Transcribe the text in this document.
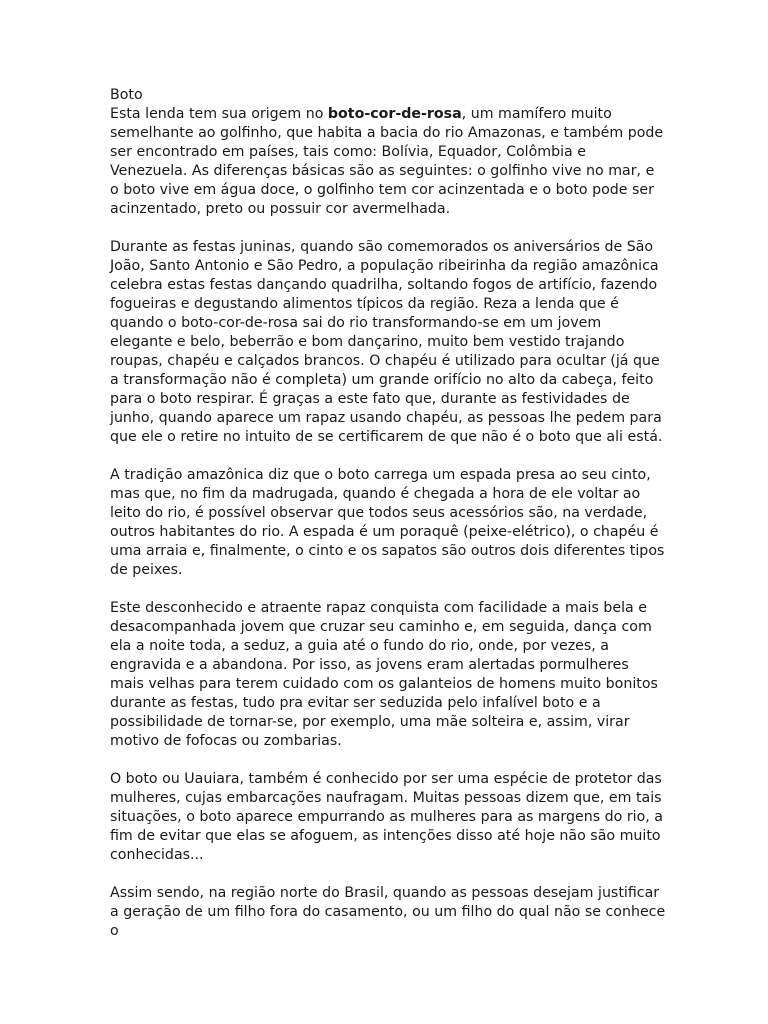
Boto

Esta lenda tem sua origem no boto-cor-de-rosa, um mamífero muito semelhante ao golfinho, que habita a bacia do rio Amazonas, e também pode ser encontrado em países, tais como: Bolívia, Equador, Colômbia e Venezuela. As diferenças básicas são as seguintes: o golfinho vive no mar, e o boto vive em água doce, o golfinho tem cor acinzentada e o boto pode ser acinzentado, preto ou possuir cor avermelhada.

Durante as festas juninas, quando são comemorados os aniversários de São João, Santo Antonio e São Pedro, a população ribeirinha da região amazônica celebra estas festas dançando quadrilha, soltando fogos de artifício, fazendo fogueiras e degustando alimentos típicos da região. Reza a lenda que é quando o boto-cor-de-rosa sai do rio transformando-se em um jovem elegante e belo, beberrão e bom dançarino, muito bem vestido trajando roupas, chapéu e calçados brancos. O chapéu é utilizado para ocultar (já que a transformação não é completa) um grande orifício no alto da cabeça, feito para o boto respirar. É graças a este fato que, durante as festividades de junho, quando aparece um rapaz usando chapéu, as pessoas lhe pedem para que ele o retire no intuito de se certificarem de que não é o boto que ali está.

A tradição amazônica diz que o boto carrega um espada presa ao seu cinto, mas que, no fim da madrugada, quando é chegada a hora de ele voltar ao leito do rio, é possível observar que todos seus acessórios são, na verdade, outros habitantes do rio. A espada é um poraquê (peixe-elétrico), o chapéu é uma arraia e, finalmente, o cinto e os sapatos são outros dois diferentes tipos de peixes.

Este desconhecido e atraente rapaz conquista com facilidade a mais bela e desacompanhada jovem que cruzar seu caminho e, em seguida, dança com ela a noite toda, a seduz, a guia até o fundo do rio, onde, por vezes, a engravida e a abandona. Por isso, as jovens eram alertadas pormulheres mais velhas para terem cuidado com os galanteios de homens muito bonitos durante as festas, tudo pra evitar ser seduzida pelo infalível boto e a possibilidade de tornar-se, por exemplo, uma mãe solteira e, assim, virar motivo de fofocas ou zombarias.

O boto ou Uauiara, também é conhecido por ser uma espécie de protetor das mulheres, cujas embarcações naufragam. Muitas pessoas dizem que, em tais situações, o boto aparece empurrando as mulheres para as margens do rio, a fim de evitar que elas se afoguem, as intenções disso até hoje não são muito conhecidas...

Assim sendo, na região norte do Brasil, quando as pessoas desejam justificar a geração de um filho fora do casamento, ou um filho do qual não se conhece o
